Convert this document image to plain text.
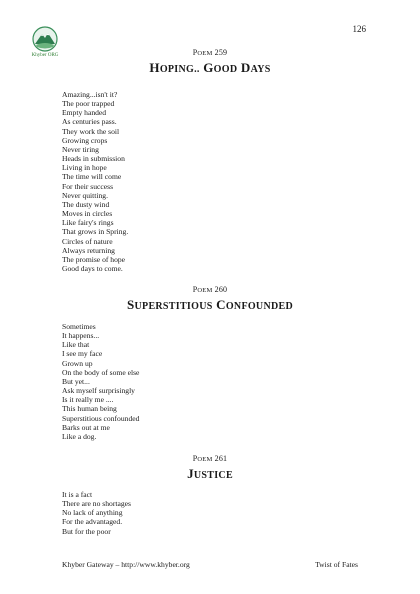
126
Khyber ORG	POEM 259
HOPING.. GOOD DAYS
Amazing...isn't it?
The poor trapped
Empty handed
As centuries pass.
They work the soil
Growing crops
Never tiring
Heads in submission
Living in hope
The time will come
For their success
Never quitting.
The dusty wind
Moves in circles
Like fairy's rings
That grows in Spring.
Circles of nature
Always returning
The promise of hope
Good days to come.
POEM 260
SUPERSTITIOUS CONFOUNDED
Sometimes
It happens...
Like that
I see my face
Grown up
On the body of some else
But yet...
Ask myself surprisingly
Is it really me ....
This human being
Superstitious confounded
Barks out at me
Like a dog.
POEM 261
JUSTICE
It is a fact
There are no shortages
No lack of anything
For the advantaged.
But for the poor
Khyber Gateway – http://www.khyber.org	Twist of Fates
